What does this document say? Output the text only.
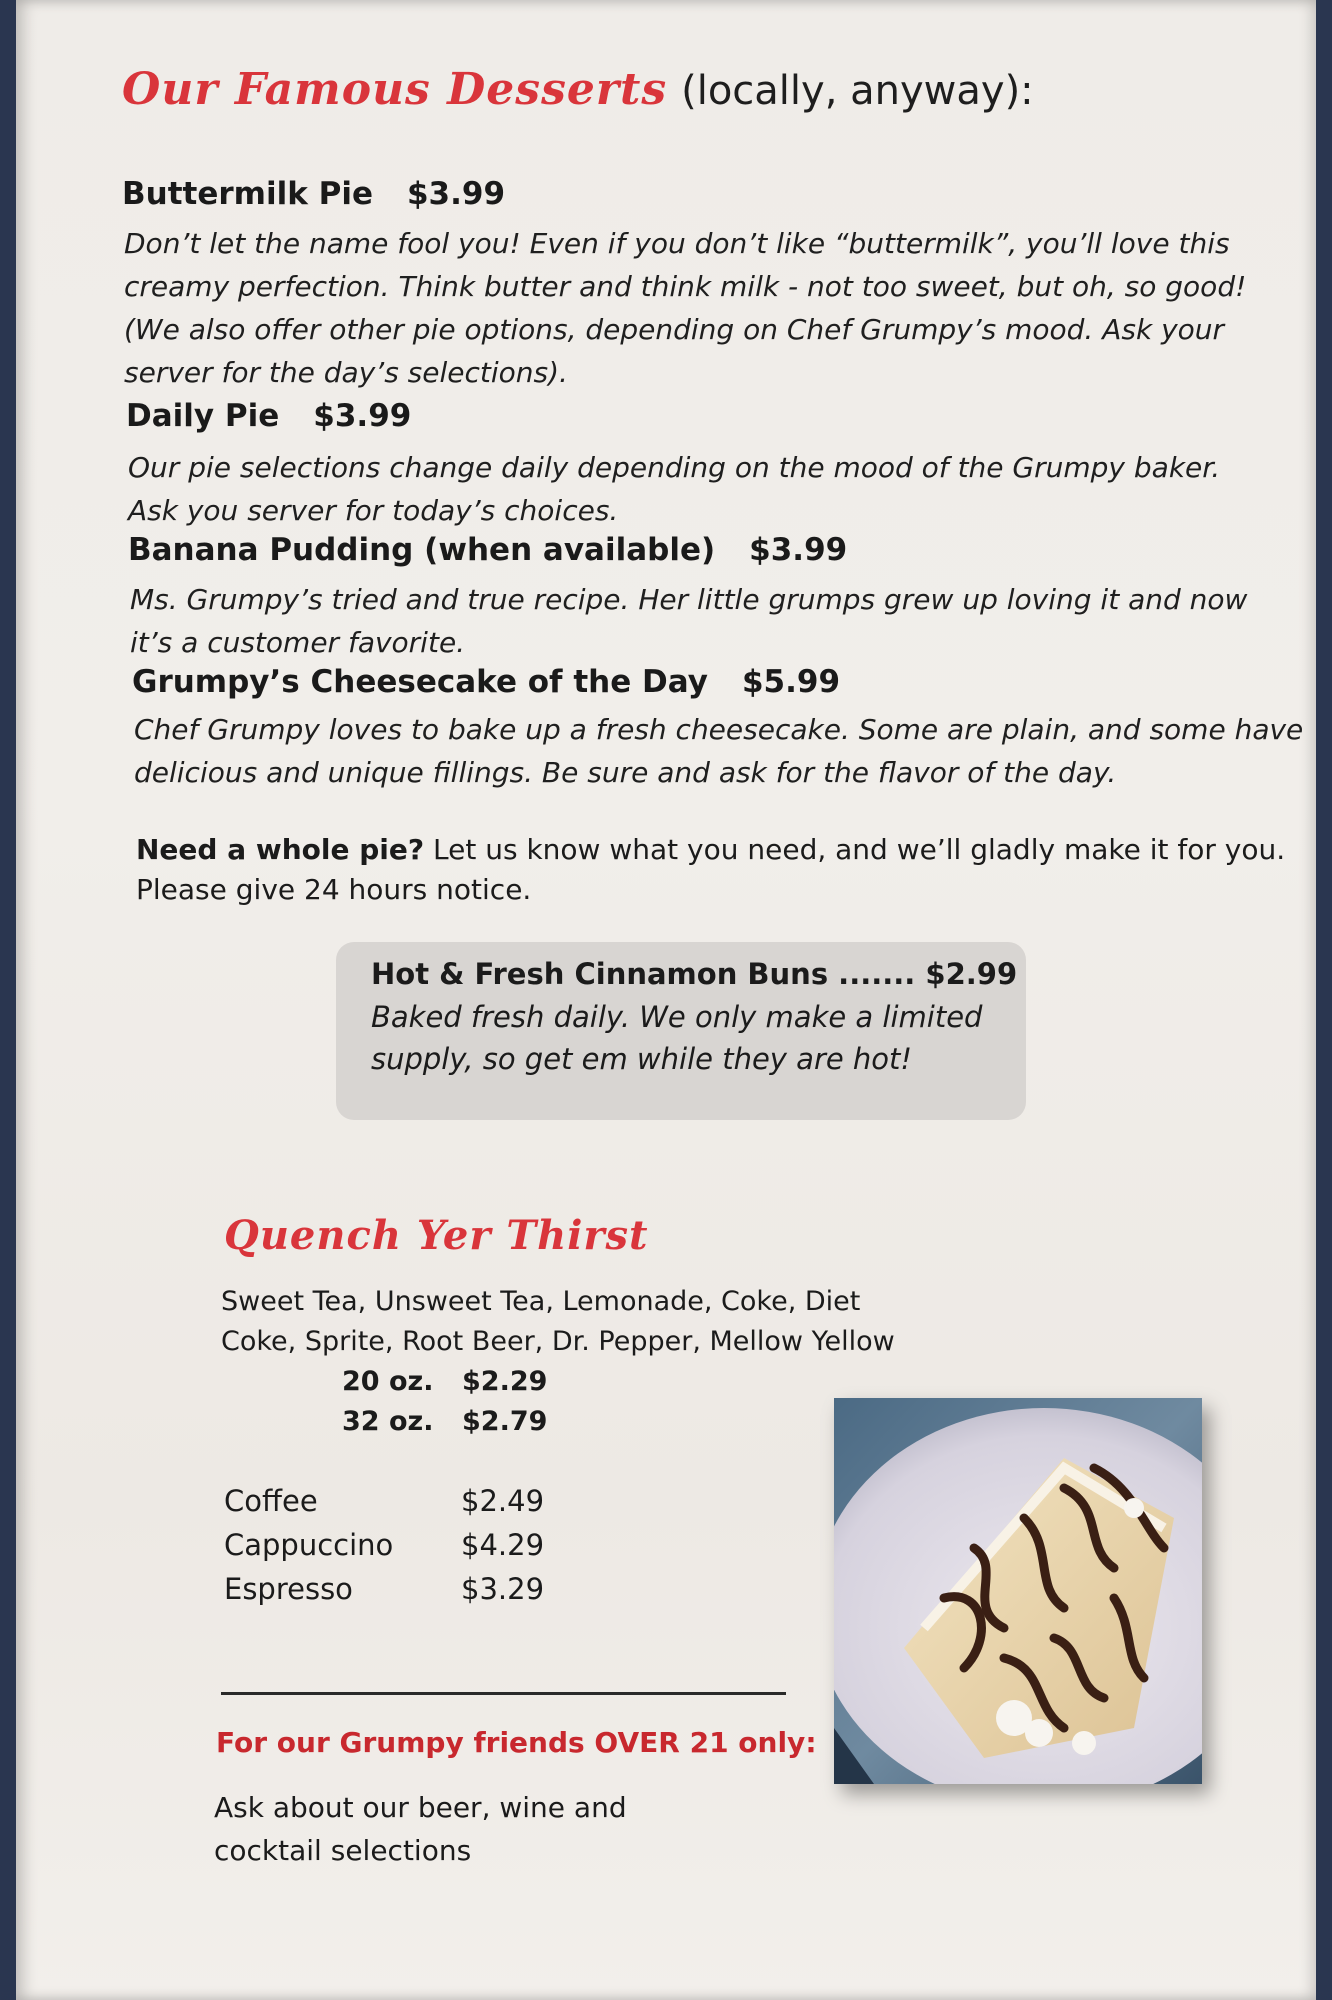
Our Famous Desserts (locally, anyway):
Buttermilk Pie $3.99
Don’t let the name fool you! Even if you don’t like “buttermilk”, you’ll love this
creamy perfection. Think butter and think milk - not too sweet, but oh, so good!
(We also offer other pie options, depending on Chef Grumpy’s mood. Ask your
server for the day’s selections).
Daily Pie $3.99
Our pie selections change daily depending on the mood of the Grumpy baker.
Ask you server for today’s choices.
Banana Pudding (when available) $3.99
Ms. Grumpy’s tried and true recipe. Her little grumps grew up loving it and now
it’s a customer favorite.
Grumpy’s Cheesecake of the Day $5.99
Chef Grumpy loves to bake up a fresh cheesecake. Some are plain, and some have
delicious and unique fillings. Be sure and ask for the flavor of the day.
Need a whole pie? Let us know what you need, and we’ll gladly make it for you.
Please give 24 hours notice.
Hot & Fresh Cinnamon Buns ....... $2.99
Baked fresh daily. We only make a limited
supply, so get em while they are hot!
Quench Yer Thirst
Sweet Tea, Unsweet Tea, Lemonade, Coke, Diet
Coke, Sprite, Root Beer, Dr. Pepper, Mellow Yellow
20 oz. $2.29
32 oz. $2.79
Coffee	$2.49
Cappuccino $4.29
Espresso	$3.29
For our Grumpy friends OVER 21 only:
Ask about our beer, wine and
cocktail selections
